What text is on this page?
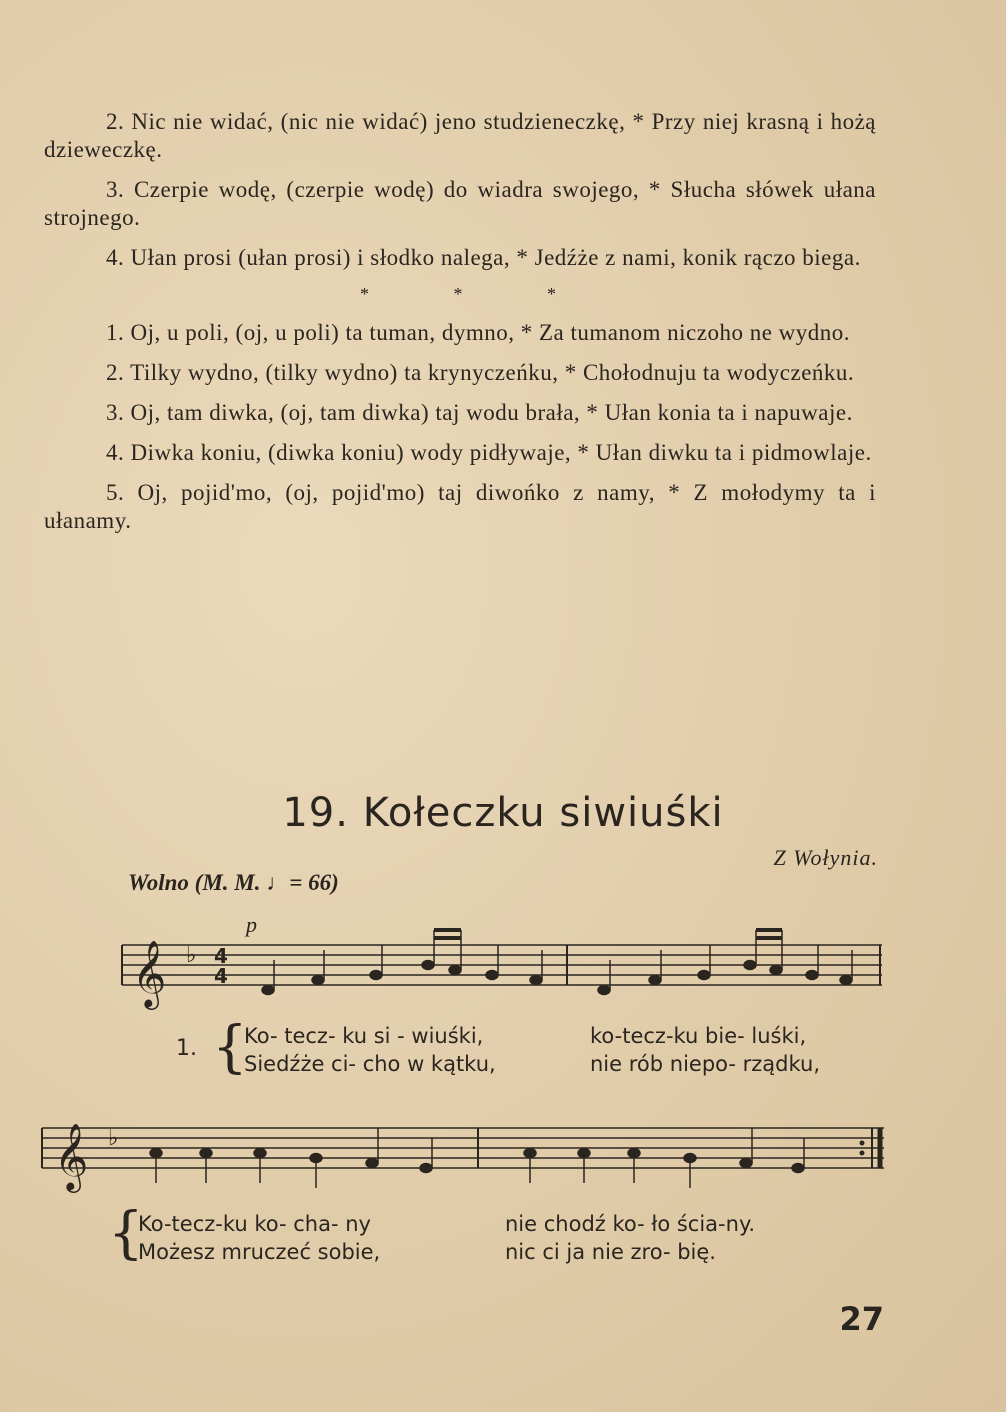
2. Nic nie widać, (nic nie widać) jeno studzieneczkę, * Przy niej krasną i hożą dzieweczkę.

3. Czerpie wodę, (czerpie wodę) do wiadra swojego, * Słucha słówek ułana strojnego.

4. Ułan prosi (ułan prosi) i słodko nalega, * Jedźże z nami, konik rączo biega.

* * *

1. Oj, u poli, (oj, u poli) ta tuman, dymno, * Za tumanom niczoho ne wydno.

2. Tilky wydno, (tilky wydno) ta krynyczeńku, * Chołodnuju ta wodyczeńku.

3. Oj, tam diwka, (oj, tam diwka) taj wodu brała, * Ułan konia ta i napuwaje.

4. Diwka koniu, (diwka koniu) wody pidływaje, * Ułan diwku ta i pidmowlaje.

5. Oj, pojid'mo, (oj, pojid'mo) taj diwońko z namy, * Z mołodymy ta i ułanamy.

19. Kołeczku siwiuśki
Z Wołynia.
Wolno (M. M. ♩= 66)
p
𝄞 ♭ 4
4
𝄞 ♭
1. {
Ko- tecz- ku si - wiuśki,	ko-tecz-ku bie- luśki,
Siedźże ci- cho w kątku,	nie rób niepo- rządku,
{
Ko-tecz-ku ko- cha- ny	nie chodź ko- ło ścia-ny.
Możesz mruczeć sobie,	nic ci ja nie zro- bię.
27
